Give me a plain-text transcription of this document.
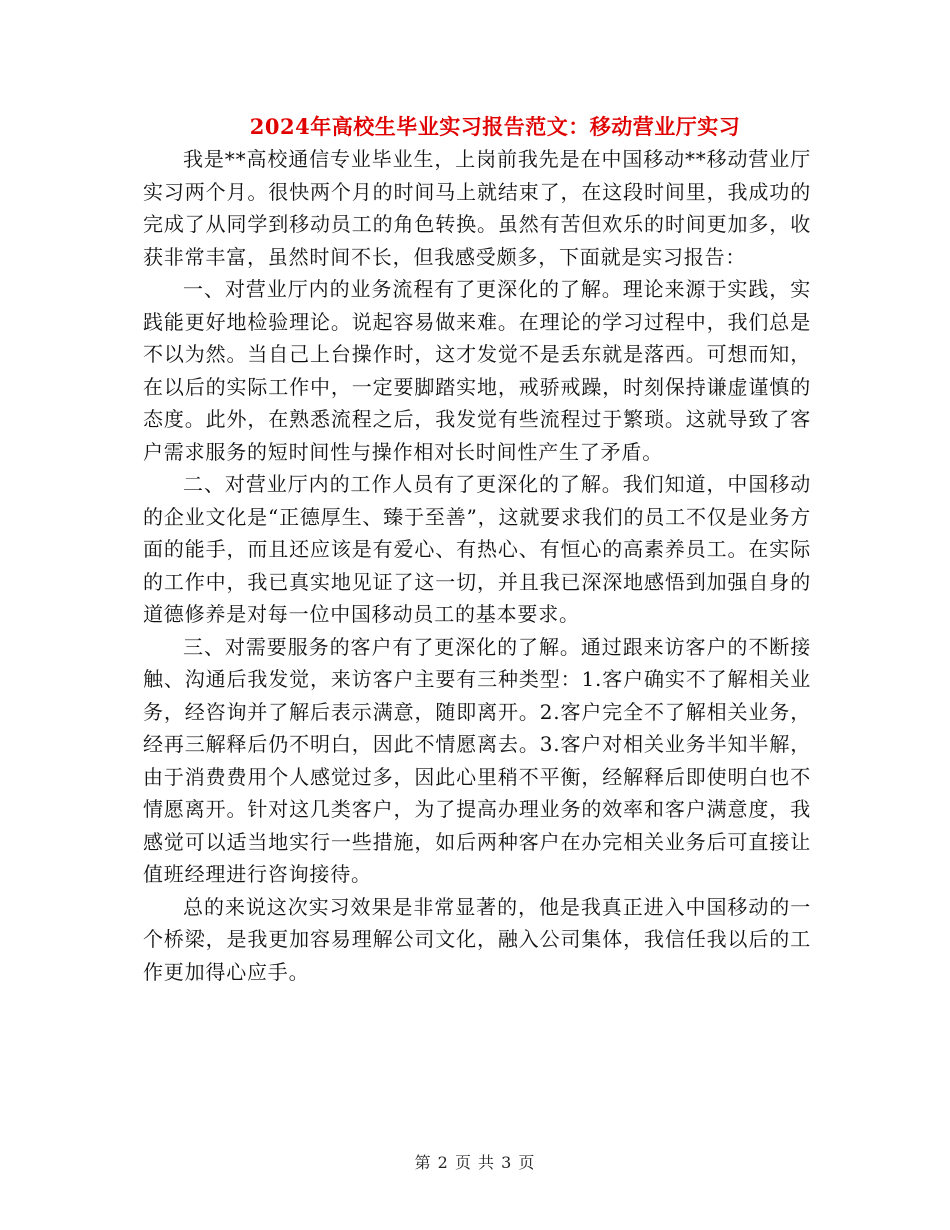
2024年高校生毕业实习报告范文：移动营业厅实习

我是**高校通信专业毕业生，上岗前我先是在中国移动**移动营业厅实习两个月。很快两个月的时间马上就结束了，在这段时间里，我成功的完成了从同学到移动员工的角色转换。虽然有苦但欢乐的时间更加多，收获非常丰富，虽然时间不长，但我感受颇多，下面就是实习报告：

一、对营业厅内的业务流程有了更深化的了解。理论来源于实践，实践能更好地检验理论。说起容易做来难。在理论的学习过程中，我们总是不以为然。当自己上台操作时，这才发觉不是丢东就是落西。可想而知，在以后的实际工作中，一定要脚踏实地，戒骄戒躁，时刻保持谦虚谨慎的态度。此外，在熟悉流程之后，我发觉有些流程过于繁琐。这就导致了客户需求服务的短时间性与操作相对长时间性产生了矛盾。

二、对营业厅内的工作人员有了更深化的了解。我们知道，中国移动的企业文化是“正德厚生、臻于至善”，这就要求我们的员工不仅是业务方面的能手，而且还应该是有爱心、有热心、有恒心的高素养员工。在实际的工作中，我已真实地见证了这一切，并且我已深深地感悟到加强自身的道德修养是对每一位中国移动员工的基本要求。

三、对需要服务的客户有了更深化的了解。通过跟来访客户的不断接触、沟通后我发觉，来访客户主要有三种类型：1.客户确实不了解相关业务，经咨询并了解后表示满意，随即离开。2.客户完全不了解相关业务，经再三解释后仍不明白，因此不情愿离去。3.客户对相关业务半知半解，由于消费费用个人感觉过多，因此心里稍不平衡，经解释后即使明白也不情愿离开。针对这几类客户，为了提高办理业务的效率和客户满意度，我感觉可以适当地实行一些措施，如后两种客户在办完相关业务后可直接让值班经理进行咨询接待。

总的来说这次实习效果是非常显著的，他是我真正进入中国移动的一个桥梁，是我更加容易理解公司文化，融入公司集体，我信任我以后的工作更加得心应手。

第 2 页 共 3 页
